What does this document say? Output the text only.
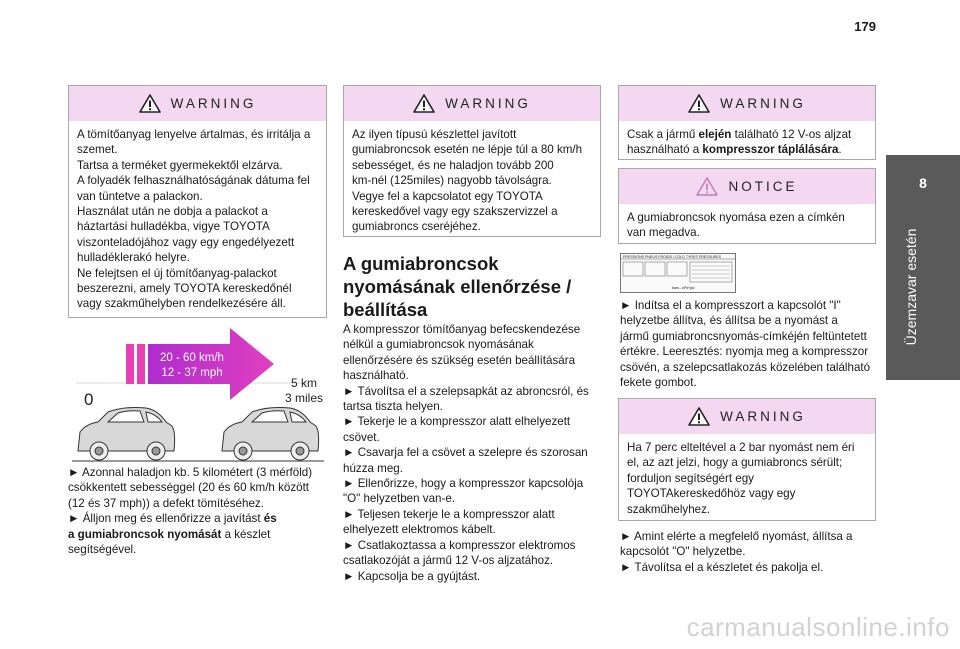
179
8
Üzemzavar esetén
WARNING
A tömítőanyag lenyelve ártalmas, és irritálja a
szemet.
Tartsa a terméket gyermekektől elzárva.
A folyadék felhasználhatóságának dátuma fel
van tüntetve a palackon.
Használat után ne dobja a palackot a
háztartási hulladékba, vigye TOYOTA
viszonteladójához vagy egy engedélyezett
hulladéklerakó helyre.
Ne felejtsen el új tömítőanyag-palackot
beszerezni, amely TOYOTA kereskedőnél
vagy szakműhelyben rendelkezésére áll.
0
20 - 60 km/h
12 - 37 mph
5 km
3 miles
► Azonnal haladjon kb. 5 kilométert (3 mérföld)
csökkentett sebességgel (20 és 60 km/h között
(12 és 37 mph)) a defekt tömítéséhez.
► Álljon meg és ellenőrizze a javítást és
a gumiabroncsok nyomását a készlet
segítségével.
WARNING
Az ilyen típusú készlettel javított
gumiabroncsok esetén ne lépje túl a 80 km/h
sebességet, és ne haladjon tovább 200
km-nél (125miles) nagyobb távolságra.
Vegye fel a kapcsolatot egy TOYOTA
kereskedővel vagy egy szakszervizzel a
gumiabroncs cseréjéhez.
A gumiabroncsok
nyomásának ellenőrzése /
beállítása
A kompresszor tömítőanyag befecskendezése
nélkül a gumiabroncsok nyomásának
ellenőrzésére és szükség esetén beállítására
használható.
► Távolítsa el a szelepsapkát az abroncsról, és
tartsa tiszta helyen.
► Tekerje le a kompresszor alatt elhelyezett
csövet.
► Csavarja fel a csövet a szelepre és szorosan
húzza meg.
► Ellenőrizze, hogy a kompresszor kapcsolója
"O" helyzetben van-e.
► Teljesen tekerje le a kompresszor alatt
elhelyezett elektromos kábelt.
► Csatlakoztassa a kompresszor elektromos
csatlakozóját a jármű 12 V-os aljzatához.
► Kapcsolja be a gyújtást.
WARNING
Csak a jármű elején található 12 V-os aljzat
használható a kompresszor táplálására.
NOTICE
A gumiabroncsok nyomása ezen a címkén
van megadva.
PRESSIONS PNEUS FROIDS / COLD TYRES PRESSURES
bars - kPa*psi
► Indítsa el a kompresszort a kapcsolót "I"
helyzetbe állítva, és állítsa be a nyomást a
jármű gumiabroncsnyomás-címkéjén feltüntetett
értékre. Leeresztés: nyomja meg a kompresszor
csövén, a szelepcsatlakozás közelében található
fekete gombot.
WARNING
Ha 7 perc elteltével a 2 bar nyomást nem éri
el, az azt jelzi, hogy a gumiabroncs sérült;
forduljon segítségért egy
TOYOTAkereskedőhöz vagy egy
szakműhelyhez.
► Amint elérte a megfelelő nyomást, állítsa a
kapcsolót "O" helyzetbe.
► Távolítsa el a készletet és pakolja el.
carmanualsonline.info
